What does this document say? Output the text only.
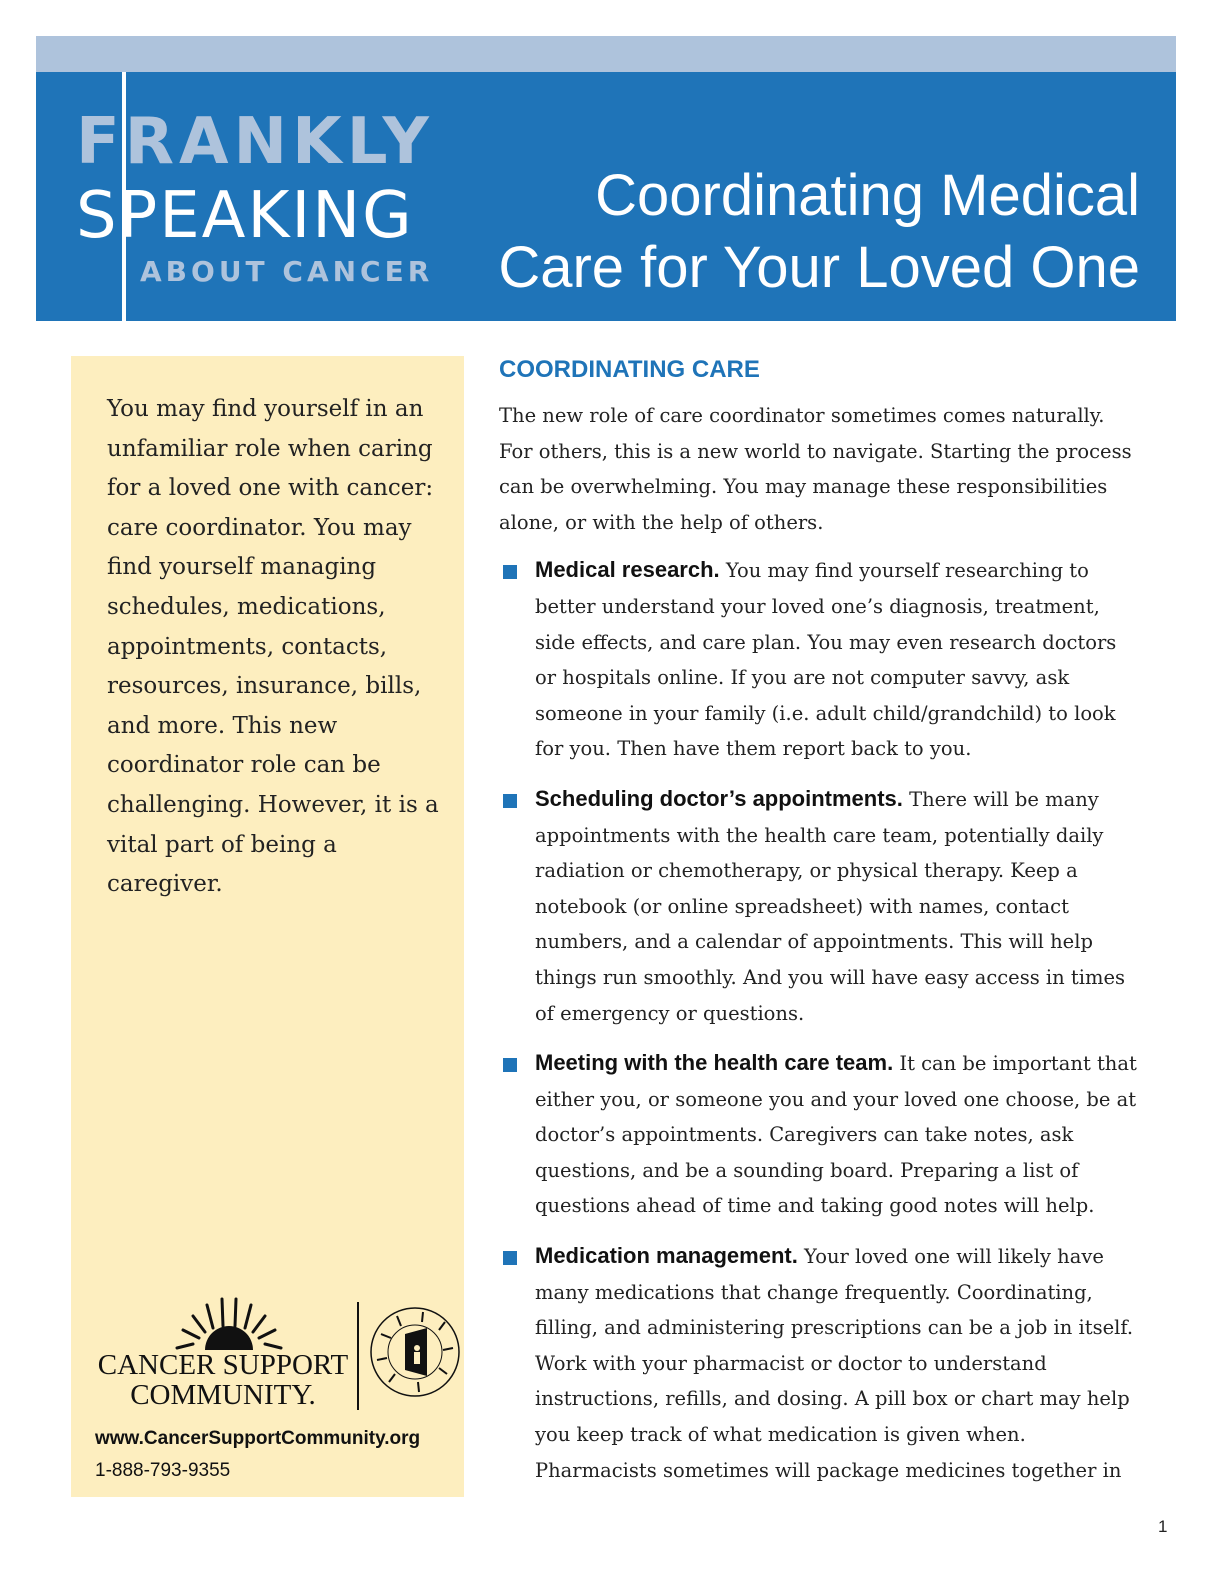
FRANKLY
SPEAKING
ABOUT CANCER
Coordinating Medical
Care for Your Loved One
You may find yourself in an unfamiliar role when caring for a loved one with cancer: care coordinator. You may find yourself managing schedules, medications, appointments, contacts, resources, insurance, bills, and more. This new coordinator role can be challenging. However, it is a vital part of being a caregiver.
CANCER SUPPORT
COMMUNITY.
www.CancerSupportCommunity.org
1-888-793-9355
COORDINATING CARE

The new role of care coordinator sometimes comes naturally. For others, this is a new world to navigate. Starting the process can be overwhelming. You may manage these responsibilities alone, or with the help of others.

Medical research. You may find yourself researching to better understand your loved one’s diagnosis, treatment, side effects, and care plan. You may even research doctors or hospitals online. If you are not computer savvy, ask someone in your family (i.e. adult child/grandchild) to look for you. Then have them report back to you.
Scheduling doctor’s appointments. There will be many appointments with the health care team, potentially daily radiation or chemotherapy, or physical therapy. Keep a notebook (or online spreadsheet) with names, contact numbers, and a calendar of appointments. This will help things run smoothly. And you will have easy access in times of emergency or questions.
Meeting with the health care team. It can be important that either you, or someone you and your loved one choose, be at doctor’s appointments. Caregivers can take notes, ask questions, and be a sounding board. Preparing a list of questions ahead of time and taking good notes will help.
Medication management. Your loved one will likely have many medications that change frequently. Coordinating, filling, and administering prescriptions can be a job in itself. Work with your pharmacist or doctor to understand instructions, refills, and dosing. A pill box or chart may help you keep track of what medication is given when. Pharmacists sometimes will package medicines together in
1
